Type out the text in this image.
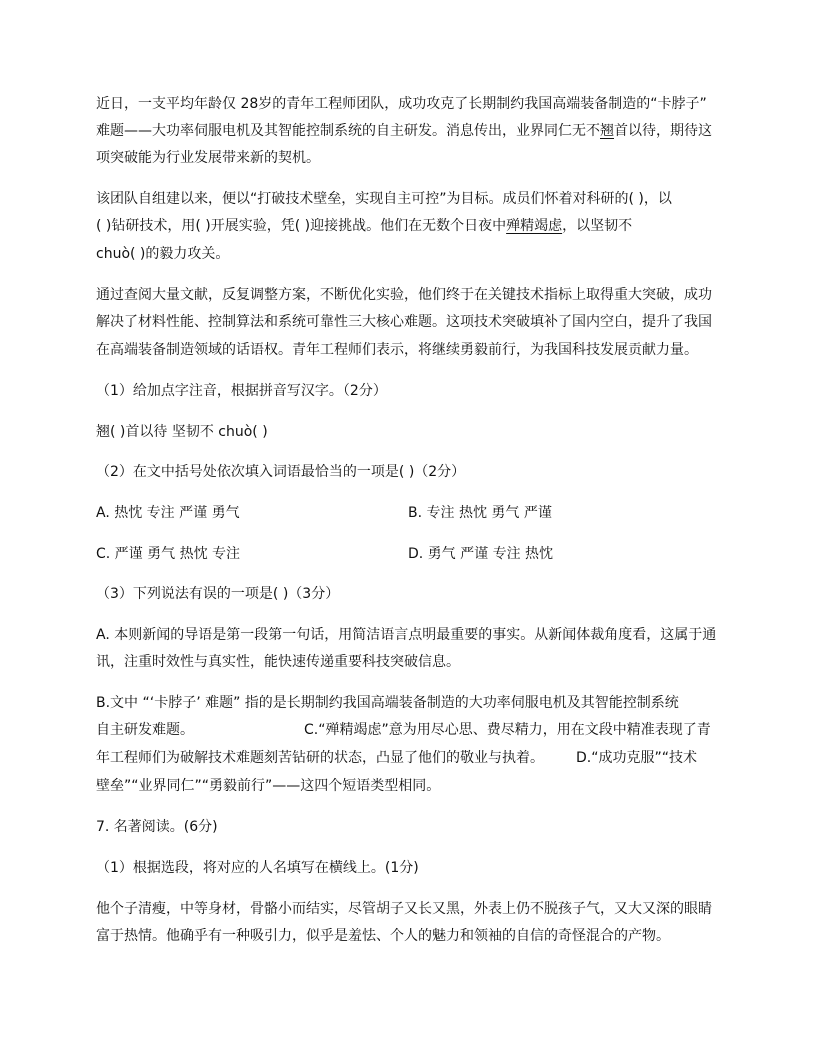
近日，一支平均年龄仅 28岁的青年工程师团队，成功攻克了长期制约我国高端装备制造的“卡脖子”
难题——大功率伺服电机及其智能控制系统的自主研发。消息传出，业界同仁无不翘首以待，期待这
项突破能为行业发展带来新的契机。
该团队自组建以来，便以“打破技术壁垒，实现自主可控”为目标。成员们怀着对科研的( )，以
( )钻研技术，用( )开展实验，凭( )迎接挑战。他们在无数个日夜中殚精竭虑，以坚韧不
chuò( )的毅力攻关。
通过查阅大量文献，反复调整方案，不断优化实验，他们终于在关键技术指标上取得重大突破，成功
解决了材料性能、控制算法和系统可靠性三大核心难题。这项技术突破填补了国内空白，提升了我国
在高端装备制造领域的话语权。青年工程师们表示，将继续勇毅前行，为我国科技发展贡献力量。
（1）给加点字注音，根据拼音写汉字。（2分）
翘( )首以待 坚韧不 chuò( )
（2）在文中括号处依次填入词语最恰当的一项是( )（2分）
A. 热忱 专注 严谨 勇气	B. 专注 热忱 勇气 严谨
C. 严谨 勇气 热忱 专注	D. 勇气 严谨 专注 热忱
（3）下列说法有误的一项是( )（3分）
A. 本则新闻的导语是第一段第一句话，用简洁语言点明最重要的事实。从新闻体裁角度看，这属于通
讯，注重时效性与真实性，能快速传递重要科技突破信息。
B.文中 “‘卡脖子’ 难题” 指的是长期制约我国高端装备制造的大功率伺服电机及其智能控制系统
自主研发难题。	C.“殚精竭虑”意为用尽心思、费尽精力，用在文段中精准表现了青
年工程师们为破解技术难题刻苦钻研的状态，凸显了他们的敬业与执着。 D.“成功克服”“技术
壁垒”“业界同仁”“勇毅前行”——这四个短语类型相同。
7. 名著阅读。(6分)
（1）根据选段，将对应的人名填写在横线上。(1分)
他个子清瘦，中等身材，骨骼小而结实，尽管胡子又长又黑，外表上仍不脱孩子气，又大又深的眼睛
富于热情。他确乎有一种吸引力，似乎是羞怯、个人的魅力和领袖的自信的奇怪混合的产物。
